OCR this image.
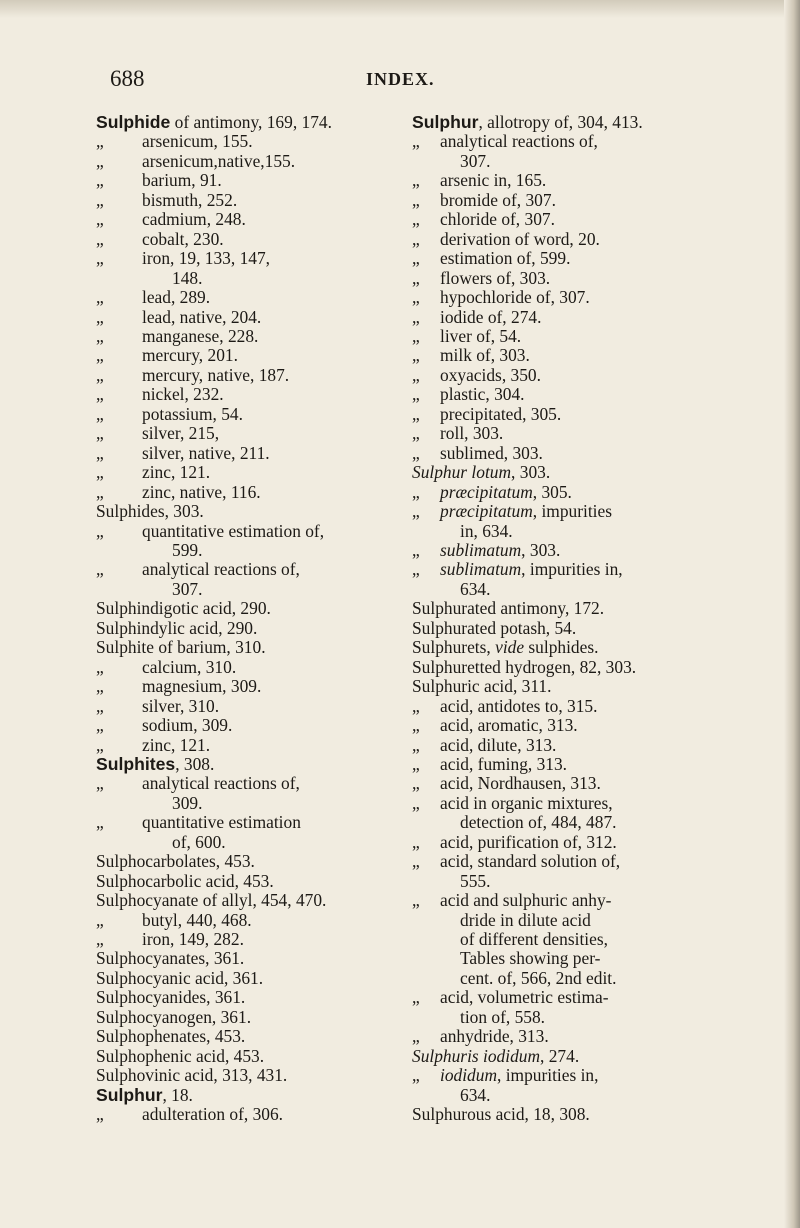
688	INDEX.
Sulphide of antimony, 169, 174.
„ arsenicum, 155.
„ arsenicum,native,155.
„ barium, 91.
„ bismuth, 252.
„ cadmium, 248.
„ cobalt, 230.
„ iron, 19, 133, 147,
148.
„ lead, 289.
„ lead, native, 204.
„ manganese, 228.
„ mercury, 201.
„ mercury, native, 187.
„ nickel, 232.
„ potassium, 54.
„ silver, 215,
„ silver, native, 211.
„ zinc, 121.
„ zinc, native, 116.
Sulphides, 303.
„ quantitative estimation of,
599.
„ analytical reactions of,
307.
Sulphindigotic acid, 290.
Sulphindylic acid, 290.
Sulphite of barium, 310.
„ calcium, 310.
„ magnesium, 309.
„ silver, 310.
„ sodium, 309.
„ zinc, 121.
Sulphites, 308.
„ analytical reactions of,
309.
„ quantitative estimation
of, 600.
Sulphocarbolates, 453.
Sulphocarbolic acid, 453.
Sulphocyanate of allyl, 454, 470.
„ butyl, 440, 468.
„ iron, 149, 282.
Sulphocyanates, 361.
Sulphocyanic acid, 361.
Sulphocyanides, 361.
Sulphocyanogen, 361.
Sulphophenates, 453.
Sulphophenic acid, 453.
Sulphovinic acid, 313, 431.
Sulphur, 18.
„ adulteration of, 306.
Sulphur, allotropy of, 304, 413.
„ analytical reactions of,
307.
„ arsenic in, 165.
„ bromide of, 307.
„ chloride of, 307.
„ derivation of word, 20.
„ estimation of, 599.
„ flowers of, 303.
„ hypochloride of, 307.
„ iodide of, 274.
„ liver of, 54.
„ milk of, 303.
„ oxyacids, 350.
„ plastic, 304.
„ precipitated, 305.
„ roll, 303.
„ sublimed, 303.
Sulphur lotum, 303.
„ præcipitatum, 305.
„ præcipitatum, impurities
in, 634.
„ sublimatum, 303.
„ sublimatum, impurities in,
634.
Sulphurated antimony, 172.
Sulphurated potash, 54.
Sulphurets, vide sulphides.
Sulphuretted hydrogen, 82, 303.
Sulphuric acid, 311.
„ acid, antidotes to, 315.
„ acid, aromatic, 313.
„ acid, dilute, 313.
„ acid, fuming, 313.
„ acid, Nordhausen, 313.
„ acid in organic mixtures,
detection of, 484, 487.
„ acid, purification of, 312.
„ acid, standard solution of,
555.
„ acid and sulphuric anhy-
dride in dilute acid
of different densities,
Tables showing per-
cent. of, 566, 2nd edit.
„ acid, volumetric estima-
tion of, 558.
„ anhydride, 313.
Sulphuris iodidum, 274.
„ iodidum, impurities in,
634.
Sulphurous acid, 18, 308.
